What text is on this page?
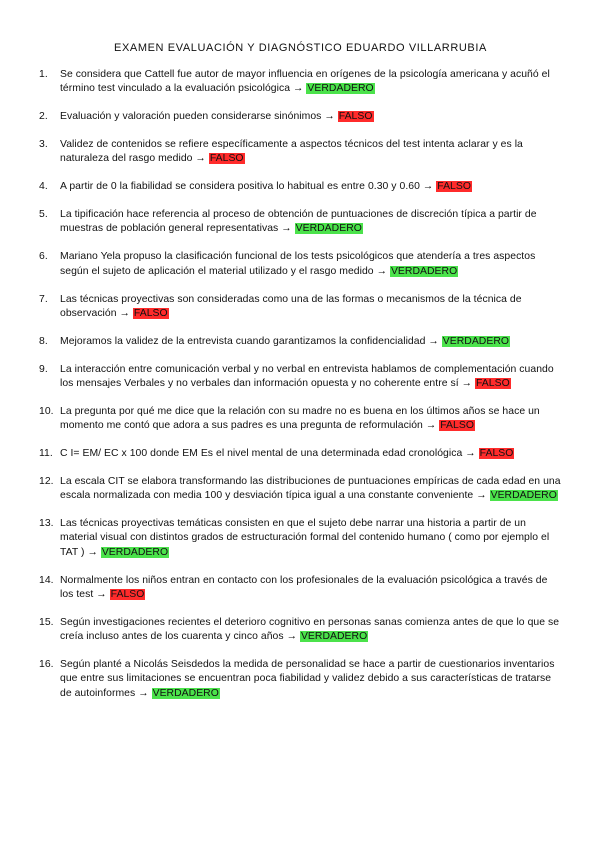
EXAMEN EVALUACIÓN Y DIAGNÓSTICO EDUARDO VILLARRUBIA
1. Se considera que Cattell fue autor de mayor influencia en orígenes de la psicología americana y acuñó el término test vinculado a la evaluación psicológica → VERDADERO
2. Evaluación y valoración pueden considerarse sinónimos → FALSO
3. Validez de contenidos se refiere específicamente a aspectos técnicos del test intenta aclarar y es la naturaleza del rasgo medido → FALSO
4. A partir de 0 la fiabilidad se considera positiva lo habitual es entre 0.30 y 0.60 → FALSO
5. La tipificación hace referencia al proceso de obtención de puntuaciones de discreción típica a partir de muestras de población general representativas → VERDADERO
6. Mariano Yela propuso la clasificación funcional de los tests psicológicos que atendería a tres aspectos según el sujeto de aplicación el material utilizado y el rasgo medido → VERDADERO
7. Las técnicas proyectivas son consideradas como una de las formas o mecanismos de la técnica de observación → FALSO
8. Mejoramos la validez de la entrevista cuando garantizamos la confidencialidad → VERDADERO
9. La interacción entre comunicación verbal y no verbal en entrevista hablamos de complementación cuando los mensajes Verbales y no verbales dan información opuesta y no coherente entre sí → FALSO
10. La pregunta por qué me dice que la relación con su madre no es buena en los últimos años se hace un momento me contó que adora a sus padres es una pregunta de reformulación → FALSO
11. C I= EM/ EC x 100 donde EM Es el nivel mental de una determinada edad cronológica → FALSO
12. La escala CIT se elabora transformando las distribuciones de puntuaciones empíricas de cada edad en una escala normalizada con media 100 y desviación típica igual a una constante conveniente → VERDADERO
13. Las técnicas proyectivas temáticas consisten en que el sujeto debe narrar una historia a partir de un material visual con distintos grados de estructuración formal del contenido humano ( como por ejemplo el TAT ) → VERDADERO
14. Normalmente los niños entran en contacto con los profesionales de la evaluación psicológica a través de los test → FALSO
15. Según investigaciones recientes el deterioro cognitivo en personas sanas comienza antes de que lo que se creía incluso antes de los cuarenta y cinco años → VERDADERO
16. Según planté a Nicolás Seisdedos la medida de personalidad se hace a partir de cuestionarios inventarios que entre sus limitaciones se encuentran poca fiabilidad y validez debido a sus características de tratarse de autoinformes → VERDADERO
